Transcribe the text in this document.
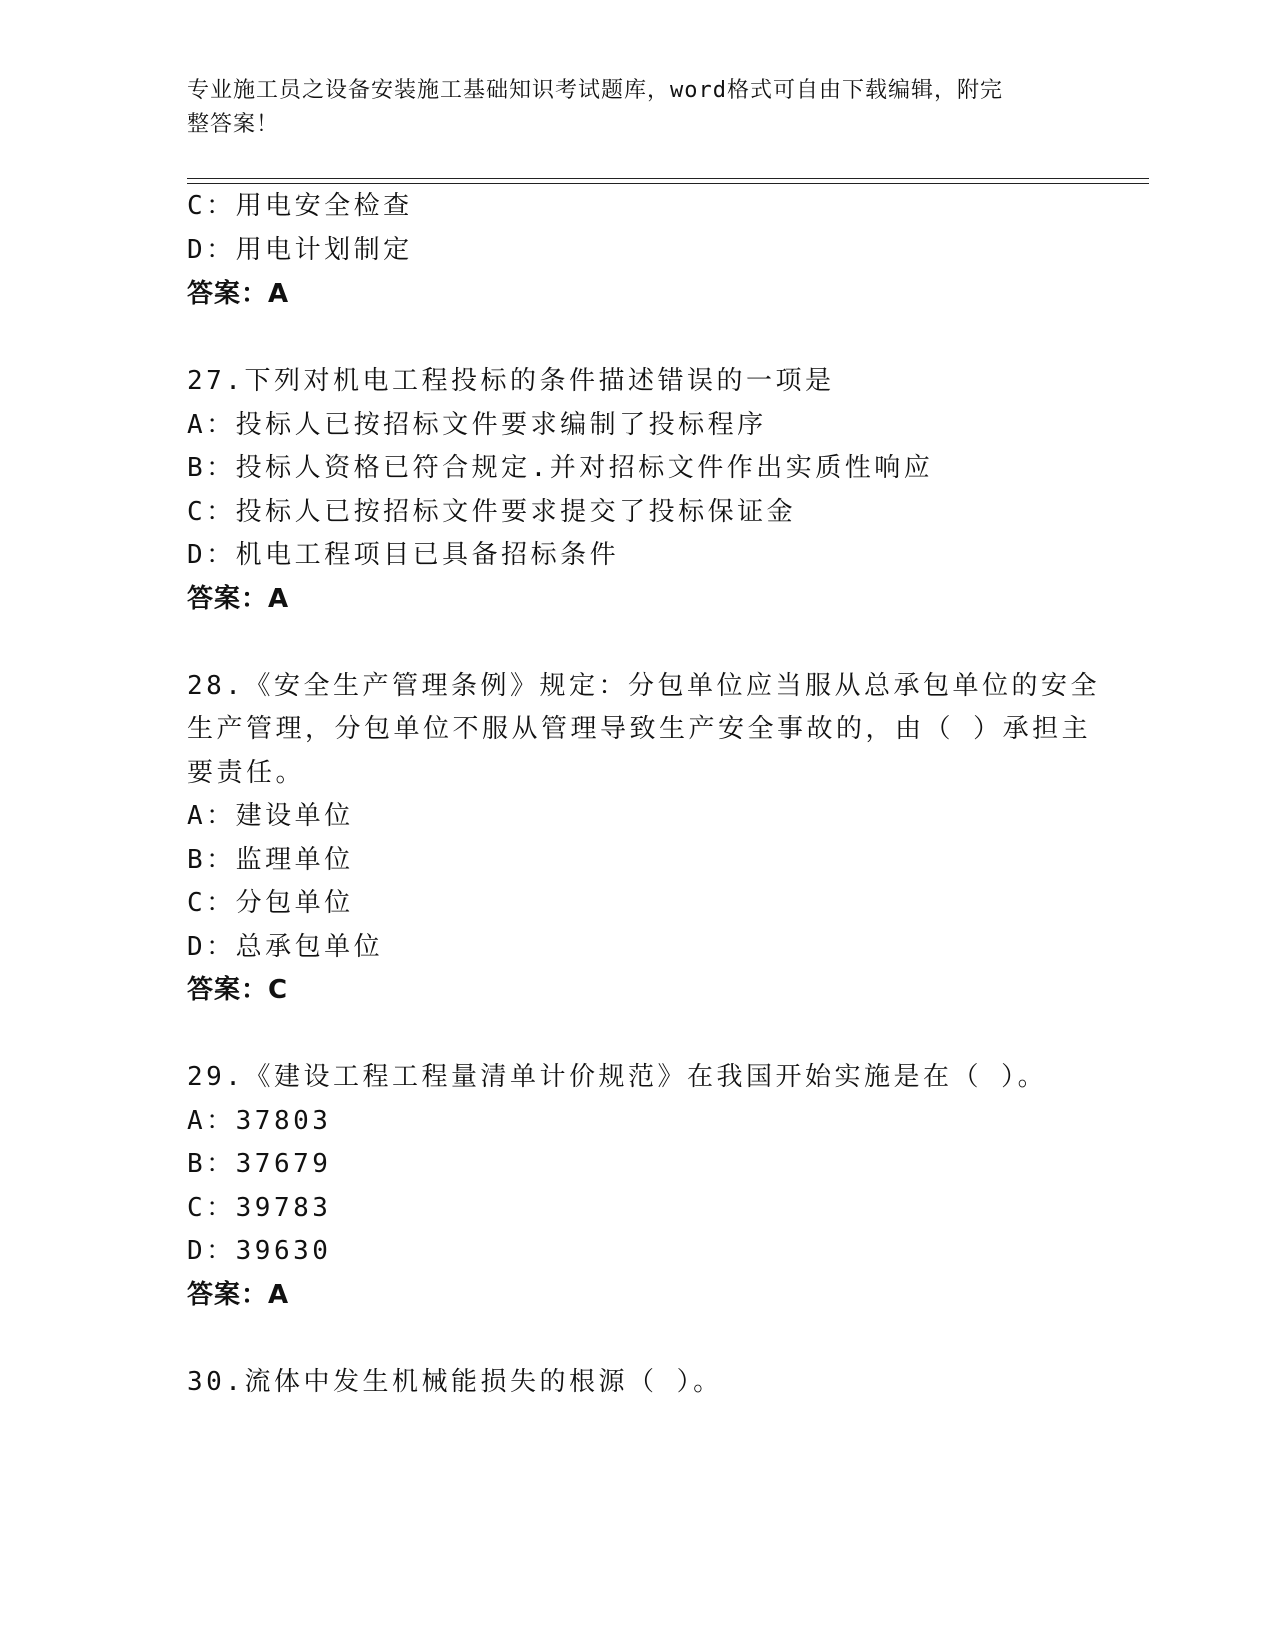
专业施工员之设备安装施工基础知识考试题库，word格式可自由下载编辑，附完
整答案！
C：用电安全检查
D：用电计划制定
答案：A
27.下列对机电工程投标的条件描述错误的一项是
A：投标人已按招标文件要求编制了投标程序
B：投标人资格已符合规定.并对招标文件作出实质性响应
C：投标人已按招标文件要求提交了投标保证金
D：机电工程项目已具备招标条件
答案：A
28.《安全生产管理条例》规定：分包单位应当服从总承包单位的安全
生产管理，分包单位不服从管理导致生产安全事故的，由（ ）承担主
要责任。
A：建设单位
B：监理单位
C：分包单位
D：总承包单位
答案：C
29.《建设工程工程量清单计价规范》在我国开始实施是在（ ）。
A：37803
B：37679
C：39783
D：39630
答案：A
30.流体中发生机械能损失的根源（ ）。
